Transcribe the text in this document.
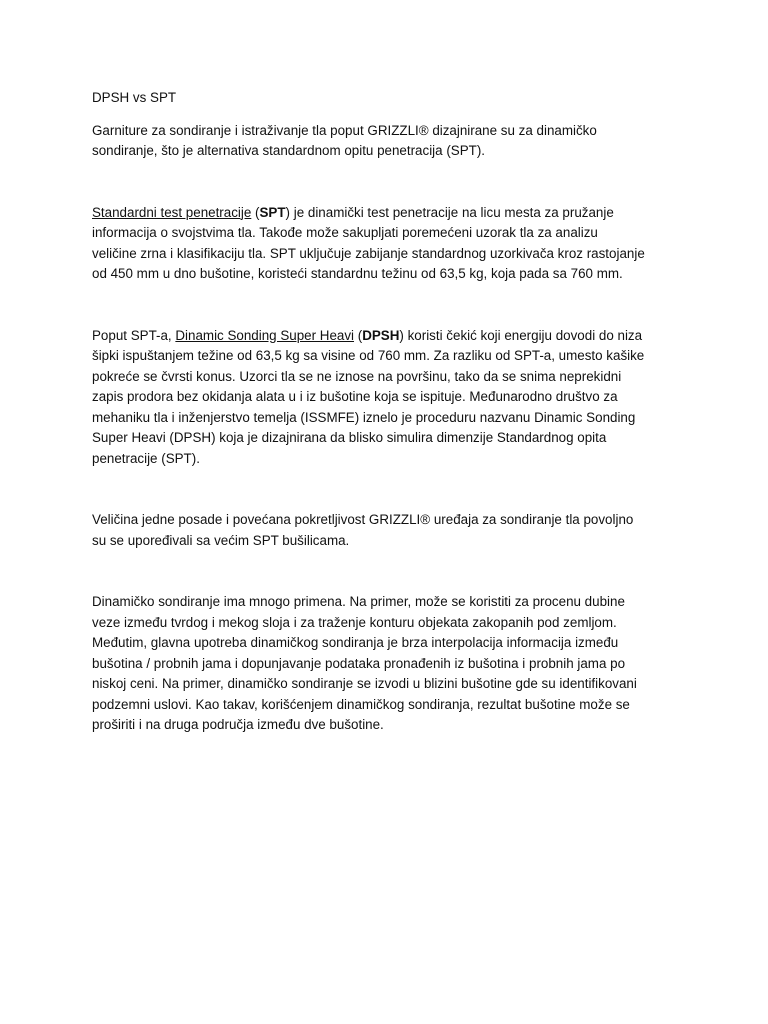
DPSH vs SPT
Garniture za sondiranje i istraživanje tla poput GRIZZLI® dizajnirane su za dinamičko
sondiranje, što je alternativa standardnom opitu penetracija (SPT).
Standardni test penetracije (SPT) je dinamički test penetracije na licu mesta za pružanje
informacija o svojstvima tla. Takođe može sakupljati poremećeni uzorak tla za analizu
veličine zrna i klasifikaciju tla. SPT uključuje zabijanje standardnog uzorkivača kroz rastojanje
od 450 mm u dno bušotine, koristeći standardnu težinu od 63,5 kg, koja pada sa 760 mm.
Poput SPT-a, Dinamic Sonding Super Heavi (DPSH) koristi čekić koji energiju dovodi do niza
šipki ispuštanjem težine od 63,5 kg sa visine od 760 mm. Za razliku od SPT-a, umesto kašike
pokreće se čvrsti konus. Uzorci tla se ne iznose na površinu, tako da se snima neprekidni
zapis prodora bez okidanja alata u i iz bušotine koja se ispituje. Međunarodno društvo za
mehaniku tla i inženjerstvo temelja (ISSMFE) iznelo je proceduru nazvanu Dinamic Sonding
Super Heavi (DPSH) koja je dizajnirana da blisko simulira dimenzije Standardnog opita
penetracije (SPT).
Veličina jedne posade i povećana pokretljivost GRIZZLI® uređaja za sondiranje tla povoljno
su se upoređivali sa većim SPT bušilicama.
Dinamičko sondiranje ima mnogo primena. Na primer, može se koristiti za procenu dubine
veze između tvrdog i mekog sloja i za traženje konturu objekata zakopanih pod zemljom.
Međutim, glavna upotreba dinamičkog sondiranja je brza interpolacija informacija između
bušotina / probnih jama i dopunjavanje podataka pronađenih iz bušotina i probnih jama po
niskoj ceni. Na primer, dinamičko sondiranje se izvodi u blizini bušotine gde su identifikovani
podzemni uslovi. Kao takav, korišćenjem dinamičkog sondiranja, rezultat bušotine može se
proširiti i na druga područja između dve bušotine.
